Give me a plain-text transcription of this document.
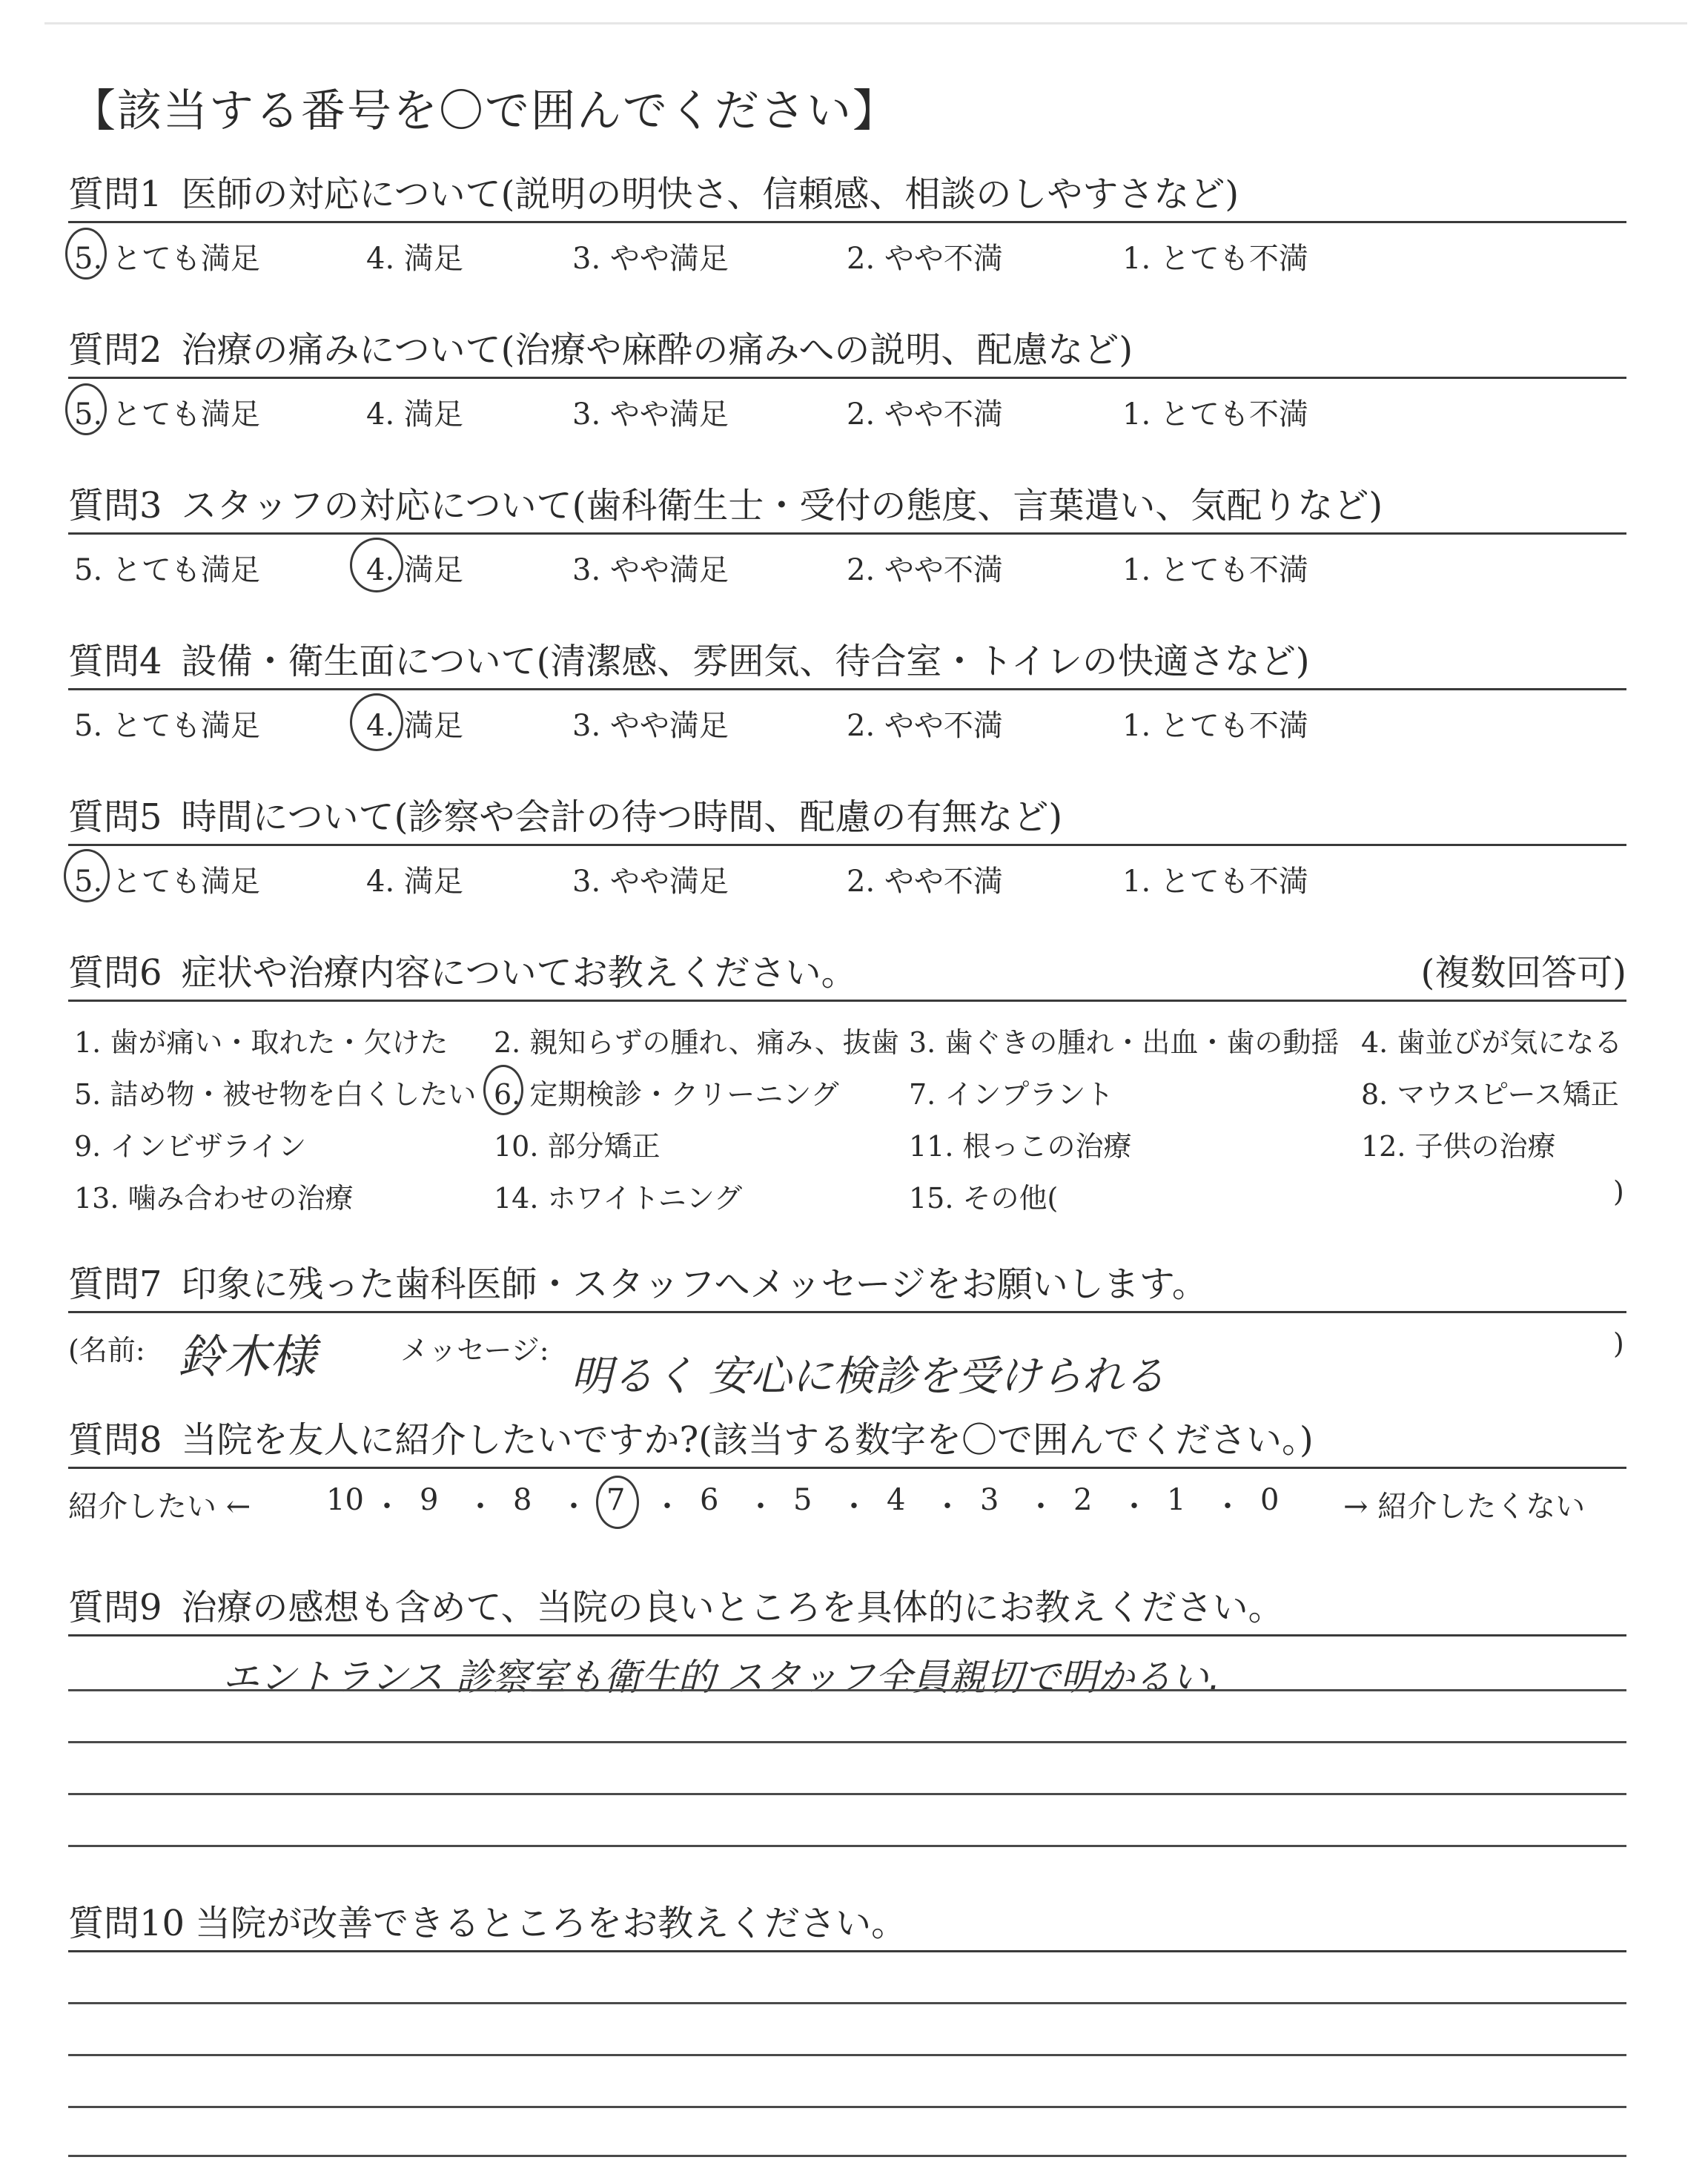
【該当する番号を〇で囲んでください】
質問1 医師の対応について(説明の明快さ、信頼感、相談のしやすさなど)
5. とても満足	4. 満足	3. やや満足	2. やや不満	1. とても不満
質問2 治療の痛みについて(治療や麻酔の痛みへの説明、配慮など)
5. とても満足	4. 満足	3. やや満足	2. やや不満	1. とても不満
質問3 スタッフの対応について(歯科衛生士・受付の態度、言葉遣い、気配りなど)
5. とても満足	4. 満足	3. やや満足	2. やや不満	1. とても不満
質問4 設備・衛生面について(清潔感、雰囲気、待合室・トイレの快適さなど)
5. とても満足	4. 満足	3. やや満足	2. やや不満	1. とても不満
質問5 時間について(診察や会計の待つ時間、配慮の有無など)
5. とても満足	4. 満足	3. やや満足	2. やや不満	1. とても不満
質問6 症状や治療内容についてお教えください。	(複数回答可)
1. 歯が痛い・取れた・欠けた 2. 親知らずの腫れ、痛み、抜歯 3. 歯ぐきの腫れ・出血・歯の動揺 4. 歯並びが気になる
5. 詰め物・被せ物を白くしたい 6. 定期検診・クリーニング 7. インプラント	8. マウスピース矯正
9. インビザライン	10. 部分矯正	11. 根っこの治療	12. 子供の治療
13. 噛み合わせの治療	14. ホワイトニング	15. その他(	)
質問7 印象に残った歯科医師・スタッフへメッセージをお願いします。
(名前: 鈴木様	メッセージ:
明るく 安心に検診を受けられる
)
質問8 当院を友人に紹介したいですか?(該当する数字を〇で囲んでください。)
紹介したい ←	10 ・ 9 ・ 8 ・ 7 ・ 6 ・ 5 ・ 4 ・ 3 ・ 2 ・ 1 ・ 0 → 紹介したくない
質問9 治療の感想も含めて、当院の良いところを具体的にお教えください。
エントランス 診察室も衛生的 スタッフ全員親切で明かるい.
質問10 当院が改善できるところをお教えください。
